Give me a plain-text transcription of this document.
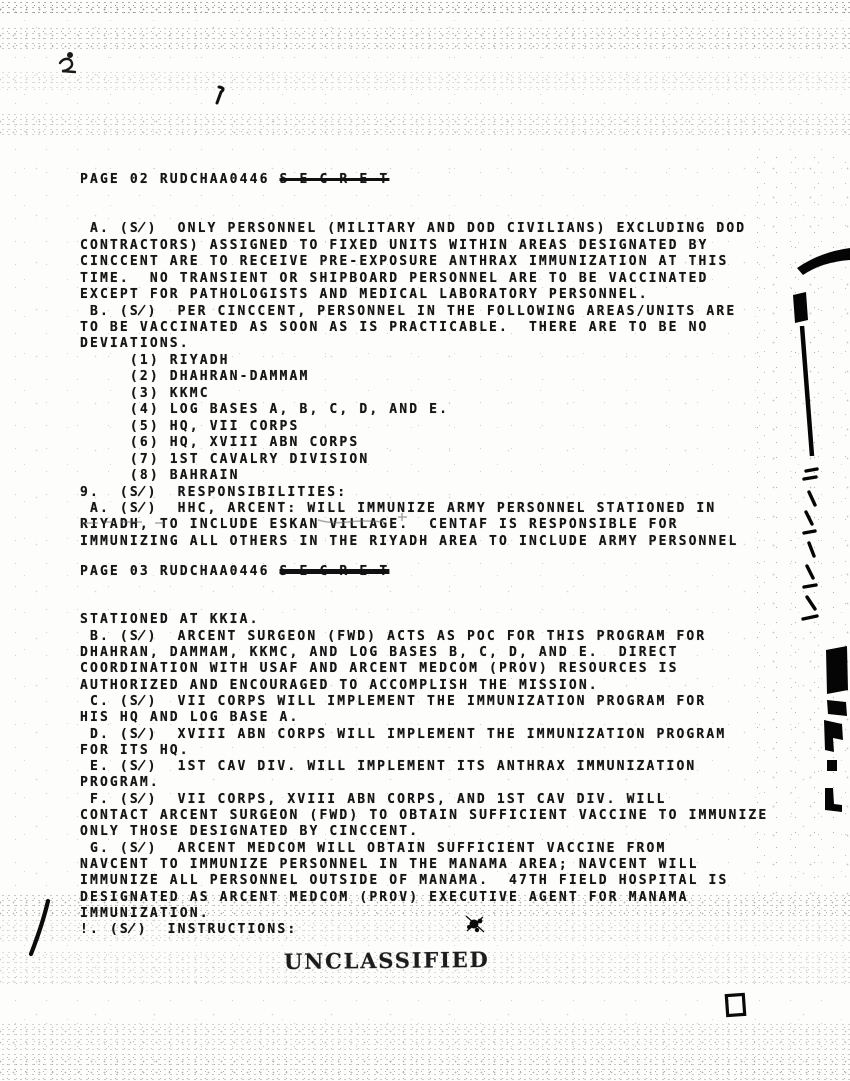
PAGE 02 RUDCHAA0446 S E C R E T

A. (S̸)  ONLY PERSONNEL (MILITARY AND DOD CIVILIANS) EXCLUDING DOD
CONTRACTORS) ASSIGNED TO FIXED UNITS WITHIN AREAS DESIGNATED BY
CINCCENT ARE TO RECEIVE PRE-EXPOSURE ANTHRAX IMMUNIZATION AT THIS
TIME.  NO TRANSIENT OR SHIPBOARD PERSONNEL ARE TO BE VACCINATED
EXCEPT FOR PATHOLOGISTS AND MEDICAL LABORATORY PERSONNEL.
B. (S̸)  PER CINCCENT, PERSONNEL IN THE FOLLOWING AREAS/UNITS ARE
TO BE VACCINATED AS SOON AS IS PRACTICABLE.  THERE ARE TO BE NO
DEVIATIONS.
(1) RIYADH
(2) DHAHRAN-DAMMAM
(3) KKMC
(4) LOG BASES A, B, C, D, AND E.
(5) HQ, VII CORPS
(6) HQ, XVIII ABN CORPS
(7) 1ST CAVALRY DIVISION
(8) BAHRAIN
9.  (S̸)  RESPONSIBILITIES:
A. (S̸)  HHC, ARCENT: WILL IMMUNIZE ARMY PERSONNEL STATIONED IN
RIYADH, TO INCLUDE ESKAN VILLAGE.  CENTAF IS RESPONSIBLE FOR
IMMUNIZING ALL OTHERS IN THE RIYADH AREA TO INCLUDE ARMY PERSONNEL

PAGE 03 RUDCHAA0446 S E C R E T

STATIONED AT KKIA.
B. (S̸)  ARCENT SURGEON (FWD) ACTS AS POC FOR THIS PROGRAM FOR
DHAHRAN, DAMMAM, KKMC, AND LOG BASES B, C, D, AND E.  DIRECT
COORDINATION WITH USAF AND ARCENT MEDCOM (PROV) RESOURCES IS
AUTHORIZED AND ENCOURAGED TO ACCOMPLISH THE MISSION.
C. (S̸)  VII CORPS WILL IMPLEMENT THE IMMUNIZATION PROGRAM FOR
HIS HQ AND LOG BASE A.
D. (S̸)  XVIII ABN CORPS WILL IMPLEMENT THE IMMUNIZATION PROGRAM
FOR ITS HQ.
E. (S̸)  1ST CAV DIV. WILL IMPLEMENT ITS ANTHRAX IMMUNIZATION
PROGRAM.
F. (S̸)  VII CORPS, XVIII ABN CORPS, AND 1ST CAV DIV. WILL
CONTACT ARCENT SURGEON (FWD) TO OBTAIN SUFFICIENT VACCINE TO IMMUNIZE
ONLY THOSE DESIGNATED BY CINCCENT.
G. (S̸)  ARCENT MEDCOM WILL OBTAIN SUFFICIENT VACCINE FROM
NAVCENT TO IMMUNIZE PERSONNEL IN THE MANAMA AREA; NAVCENT WILL
IMMUNIZE ALL PERSONNEL OUTSIDE OF MANAMA.  47TH FIELD HOSPITAL IS
DESIGNATED AS ARCENT MEDCOM (PROV) EXECUTIVE AGENT FOR MANAMA
IMMUNIZATION.
!. (S̸)  INSTRUCTIONS:

UNCLASSIFIED
